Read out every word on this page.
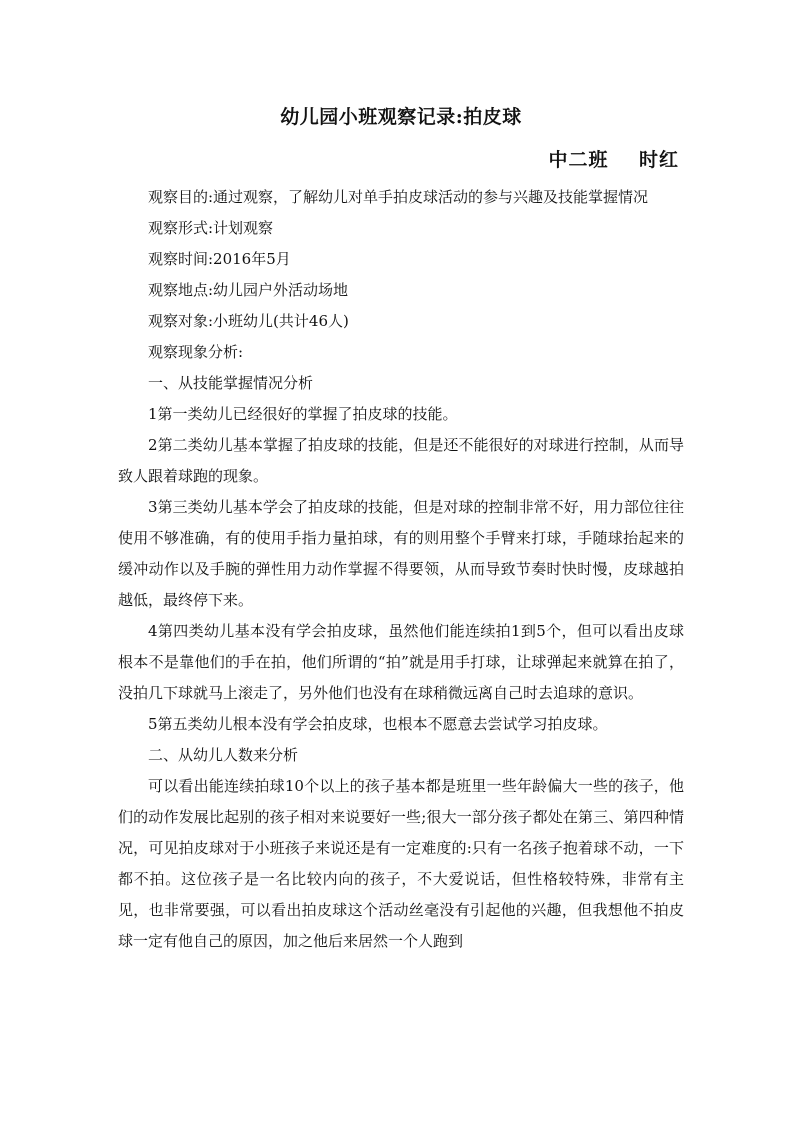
幼儿园小班观察记录:拍皮球
中二班    时红

观察目的:通过观察，了解幼儿对单手拍皮球活动的参与兴趣及技能掌握情况

观察形式:计划观察

观察时间:2016年5月

观察地点:幼儿园户外活动场地

观察对象:小班幼儿(共计46人)

观察现象分析:

一、从技能掌握情况分析

1第一类幼儿已经很好的掌握了拍皮球的技能。

2第二类幼儿基本掌握了拍皮球的技能，但是还不能很好的对球进行控制，从而导致人跟着球跑的现象。

3第三类幼儿基本学会了拍皮球的技能，但是对球的控制非常不好，用力部位往往使用不够准确，有的使用手指力量拍球，有的则用整个手臂来打球，手随球抬起来的缓冲动作以及手腕的弹性用力动作掌握不得要领，从而导致节奏时快时慢，皮球越拍越低，最终停下来。

4第四类幼儿基本没有学会拍皮球，虽然他们能连续拍1到5个，但可以看出皮球根本不是靠他们的手在拍，他们所谓的“拍”就是用手打球，让球弹起来就算在拍了，没拍几下球就马上滚走了，另外他们也没有在球稍微远离自己时去追球的意识。

5第五类幼儿根本没有学会拍皮球，也根本不愿意去尝试学习拍皮球。

二、从幼儿人数来分析

可以看出能连续拍球10个以上的孩子基本都是班里一些年龄偏大一些的孩子，他们的动作发展比起别的孩子相对来说要好一些;很大一部分孩子都处在第三、第四种情况，可见拍皮球对于小班孩子来说还是有一定难度的:只有一名孩子抱着球不动，一下都不拍。这位孩子是一名比较内向的孩子，不大爱说话，但性格较特殊，非常有主见，也非常要强，可以看出拍皮球这个活动丝毫没有引起他的兴趣，但我想他不拍皮球一定有他自己的原因，加之他后来居然一个人跑到
